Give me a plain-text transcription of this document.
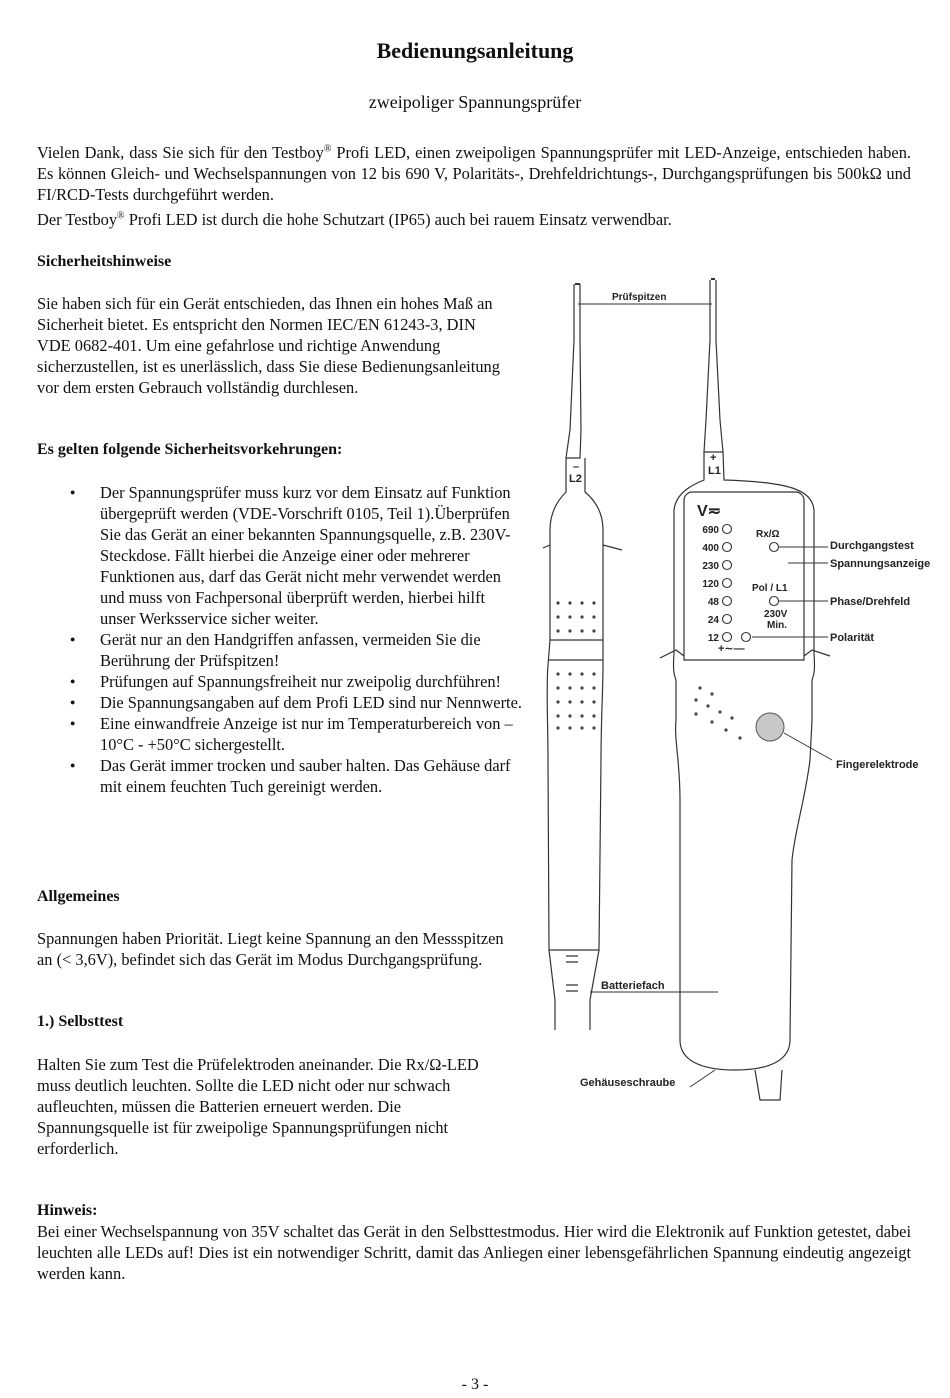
Bedienungsanleitung
zweipoliger Spannungsprüfer
Vielen Dank, dass Sie sich für den Testboy® Profi LED, einen zweipoligen Spannungsprüfer mit LED-Anzeige, entschieden haben. Es können Gleich- und Wechselspannungen von 12 bis 690 V, Polaritäts-, Drehfeldrichtungs-, Durchgangsprüfungen bis 500kΩ und FI/RCD-Tests durchgeführt werden.
Der Testboy® Profi LED ist durch die hohe Schutzart (IP65) auch bei rauem Einsatz verwendbar.
Sicherheitshinweise
Sie haben sich für ein Gerät entschieden, das Ihnen ein hohes Maß an Sicherheit bietet. Es entspricht den Normen IEC/EN 61243-3, DIN VDE 0682-401. Um eine gefahrlose und richtige Anwendung sicherzustellen, ist es unerlässlich, dass Sie diese Bedienungsanleitung vor dem ersten Gebrauch vollständig durchlesen.
Es gelten folgende Sicherheitsvorkehrungen:
● Der Spannungsprüfer muss kurz vor dem Einsatz auf Funktion übergeprüft werden (VDE-Vorschrift 0105, Teil 1).Überprüfen Sie das Gerät an einer bekannten Spannungsquelle, z.B. 230V-Steckdose. Fällt hierbei die Anzeige einer oder mehrerer Funktionen aus, darf das Gerät nicht mehr verwendet werden und muss von Fachpersonal überprüft werden, hierbei hilft unser Werksservice sicher weiter.
● Gerät nur an den Handgriffen anfassen, vermeiden Sie die Berührung der Prüfspitzen!
● Prüfungen auf Spannungsfreiheit nur zweipolig durchführen!
● Die Spannungsangaben auf dem Profi LED sind nur Nennwerte.
● Eine einwandfreie Anzeige ist nur im Temperaturbereich von –10°C - +50°C sichergestellt.
● Das Gerät immer trocken und sauber halten. Das Gehäuse darf mit einem feuchten Tuch gereinigt werden.
Allgemeines
Spannungen haben Priorität. Liegt keine Spannung an den Messspitzen an (< 3,6V), befindet sich das Gerät im Modus Durchgangsprüfung.
1.) Selbsttest
Halten Sie zum Test die Prüfelektroden aneinander. Die Rx/Ω-LED muss deutlich leuchten. Sollte die LED nicht oder nur schwach aufleuchten, müssen die Batterien erneuert werden. Die Spannungsquelle ist für zweipolige Spannungsprüfungen nicht erforderlich.
Hinweis:
Bei einer Wechselspannung von 35V schaltet das Gerät in den Selbsttestmodus. Hier wird die Elektronik auf Funktion getestet, dabei leuchten alle LEDs auf! Dies ist ein notwendiger Schritt, damit das Anliegen einer lebensgefährlichen Spannung eindeutig angezeigt werden kann.
- 3 -
Prüfspitzen
–
L2
+
L1
Durchgangstest
Spannungsanzeige
Phase/Drehfeld
Polarität
Fingerelektrode
Batteriefach
Gehäuseschraube
V≂
690
400
230
120
48
24
12
Rx/Ω
Pol / L1
230V
Min.
+∼—
